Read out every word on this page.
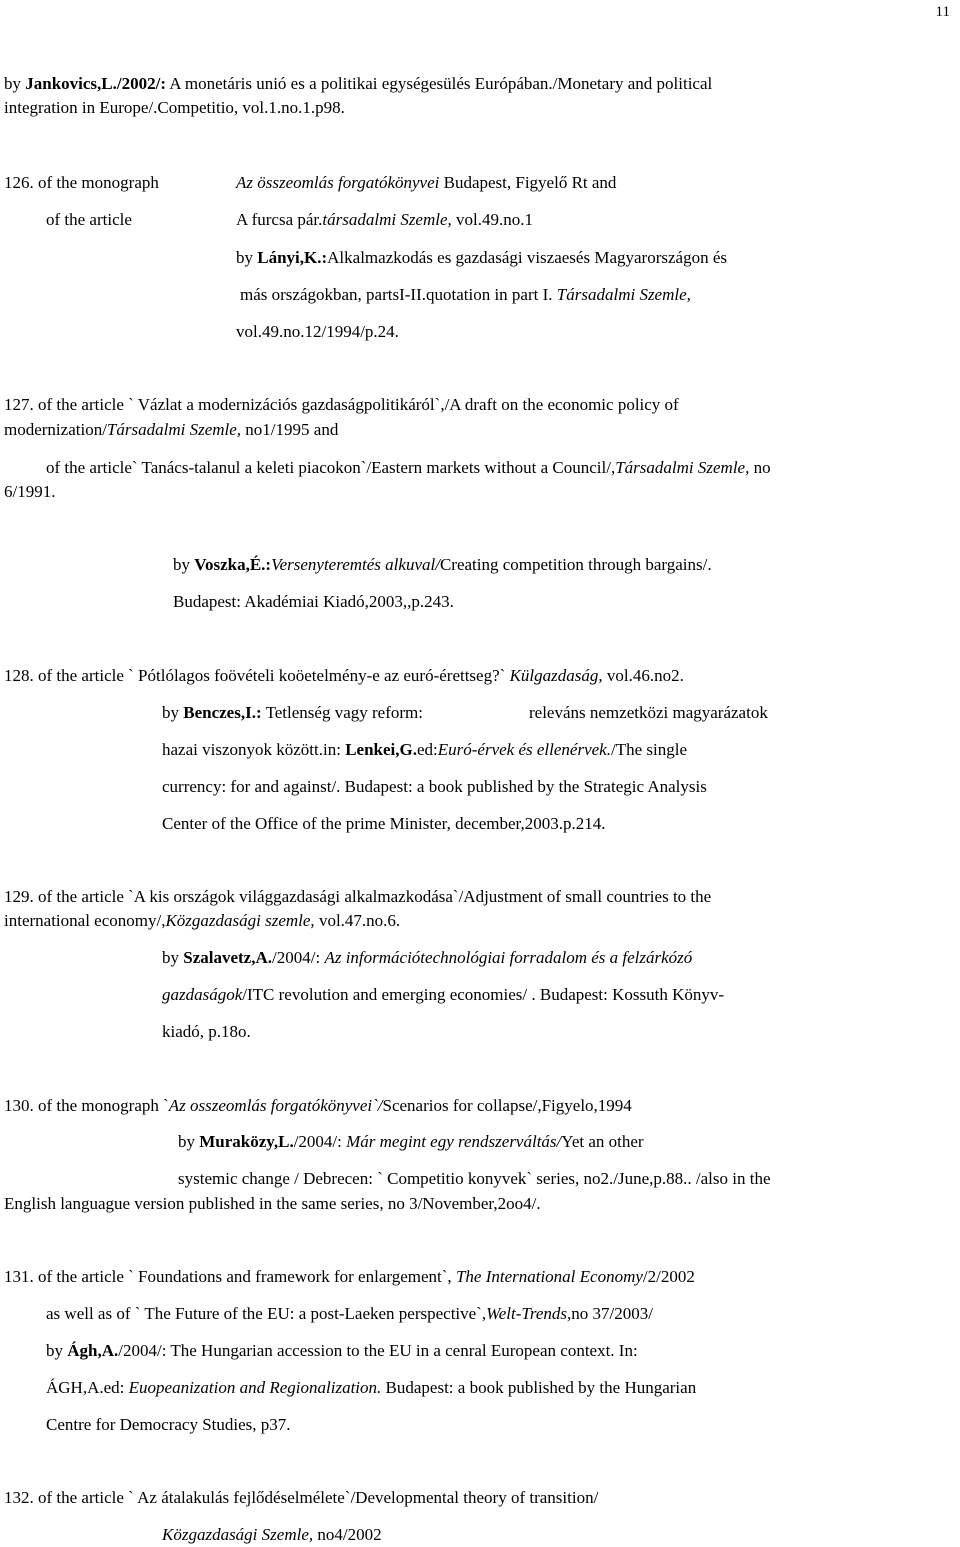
11
by Jankovics,L./2002/: A monetáris unió es a politikai egységesülés Európában./Monetary and political
integration in Europe/.Competitio, vol.1.no.1.p98.
126. of the monograph	Az összeomlás forgatókönyvei Budapest, Figyelő Rt and
of the article	A furcsa pár.társadalmi Szemle, vol.49.no.1
by Lányi,K.:Alkalmazkodás es gazdasági viszaesés Magyarországon és
más országokban, partsI-II.quotation in part I. Társadalmi Szemle,
vol.49.no.12/1994/p.24.
127. of the article ` Vázlat a modernizációs gazdaságpolitikáról`,/A draft on the economic policy of
modernization/Társadalmi Szemle, no1/1995 and
of the article` Tanács-talanul a keleti piacokon`/Eastern markets without a Council/,Társadalmi Szemle, no
6/1991.
by Voszka,É.:Versenyteremtés alkuval/Creating competition through bargains/.
Budapest: Akadémiai Kiadó,2003,,p.243.
128. of the article ` Pótlólagos foövételi koöetelmény-e az euró-érettseg?` Külgazdaság, vol.46.no2.
by Benczes,I.: Tetlenség vagy reform:	releváns nemzetközi magyarázatok
hazai viszonyok között.in: Lenkei,G.ed:Euró-érvek és ellenérvek./The single
currency: for and against/. Budapest: a book published by the Strategic Analysis
Center of the Office of the prime Minister, december,2003.p.214.
129. of the article `A kis országok világgazdasági alkalmazkodása`/Adjustment of small countries to the
international economy/,Közgazdasági szemle, vol.47.no.6.
by Szalavetz,A./2004/: Az információtechnológiai forradalom és a felzárkózó
gazdaságok/ITC revolution and emerging economies/ . Budapest: Kossuth Könyv-
kiadó, p.18o.
130. of the monograph `Az osszeomlás forgatókönyvei`/Scenarios for collapse/,Figyelo,1994
by Muraközy,L./2004/: Már megint egy rendszerváltás/Yet an other
systemic change / Debrecen: ` Competitio konyvek` series, no2./June,p.88.. /also in the
English languague version published in the same series, no 3/November,2oo4/.
131. of the article ` Foundations and framework for enlargement`, The International Economy/2/2002
as well as of ` The Future of the EU: a post-Laeken perspective`,Welt-Trends,no 37/2003/
by Ágh,A./2004/: The Hungarian accession to the EU in a cenral European context. In:
ÁGH,A.ed: Euopeanization and Regionalization. Budapest: a book published by the Hungarian
Centre for Democracy Studies, p37.
132. of the article ` Az átalakulás fejlődéselmélete`/Developmental theory of transition/
Közgazdasági Szemle, no4/2002
